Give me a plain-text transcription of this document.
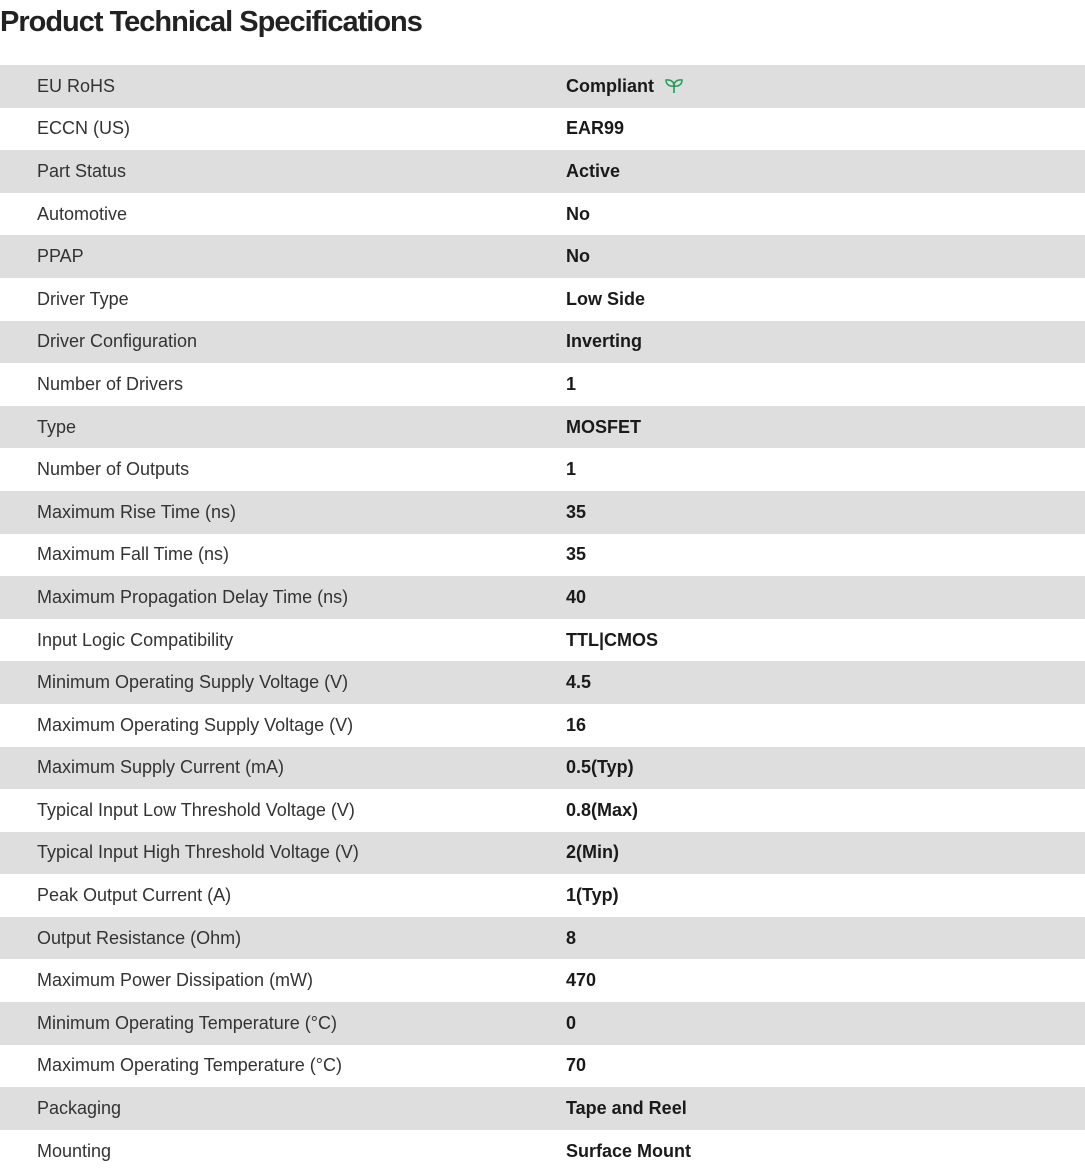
Product Technical Specifications
EU RoHS	Compliant
ECCN (US)	EAR99
Part Status	Active
Automotive	No
PPAP	No
Driver Type	Low Side
Driver Configuration	Inverting
Number of Drivers	1
Type	MOSFET
Number of Outputs	1
Maximum Rise Time (ns)	35
Maximum Fall Time (ns)	35
Maximum Propagation Delay Time (ns)	40
Input Logic Compatibility	TTL|CMOS
Minimum Operating Supply Voltage (V)	4.5
Maximum Operating Supply Voltage (V)	16
Maximum Supply Current (mA)	0.5(Typ)
Typical Input Low Threshold Voltage (V)	0.8(Max)
Typical Input High Threshold Voltage (V)	2(Min)
Peak Output Current (A)	1(Typ)
Output Resistance (Ohm)	8
Maximum Power Dissipation (mW)	470
Minimum Operating Temperature (°C)	0
Maximum Operating Temperature (°C)	70
Packaging	Tape and Reel
Mounting	Surface Mount
